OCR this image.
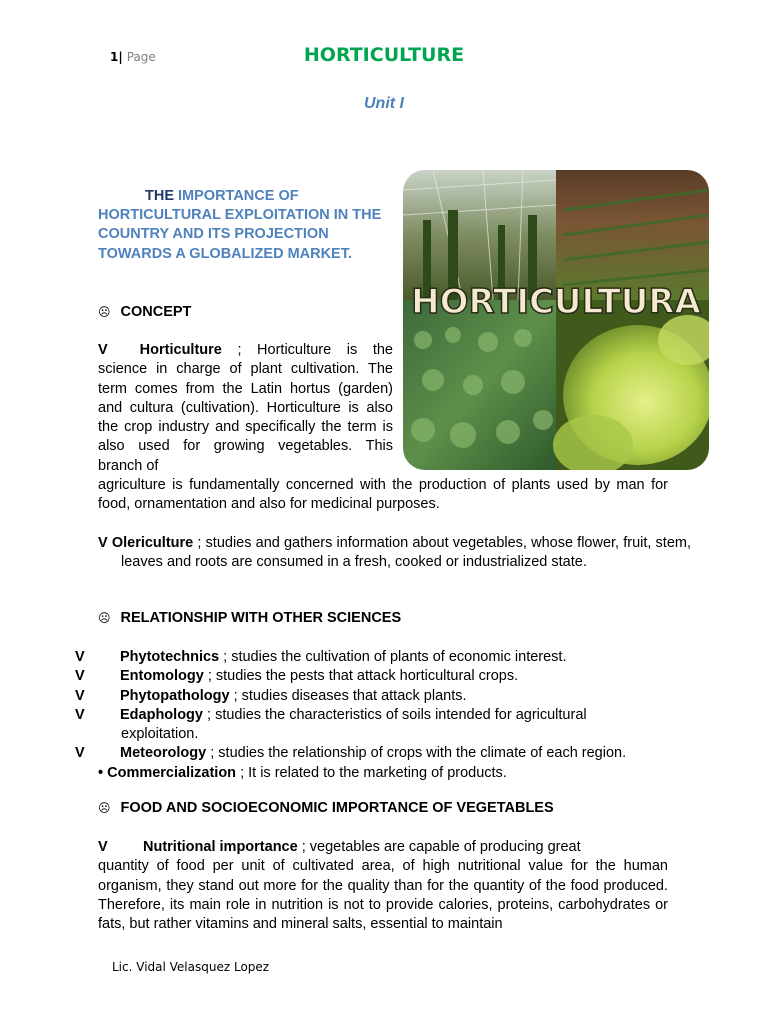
1| Page	HORTICULTURE
Unit I
THE IMPORTANCE OF HORTICULTURAL EXPLOITATION IN THE COUNTRY AND ITS PROJECTION TOWARDS A GLOBALIZED MARKET.
HORTICULTURA
☹ CONCEPT
V Horticulture ; Horticulture is the science in charge of plant cultivation. The term comes from the Latin hortus (garden) and cultura (cultivation). Horticulture is also the crop industry and specifically the term is also used for growing vegetables. This branch of
agriculture is fundamentally concerned with the production of plants used by man for food, ornamentation and also for medicinal purposes.
V Olericulture ; studies and gathers information about vegetables, whose flower, fruit, stem, leaves and roots are consumed in a fresh, cooked or industrialized state.
☹ RELATIONSHIP WITH OTHER SCIENCES
V Phytotechnics ; studies the cultivation of plants of economic interest.
V Entomology ; studies the pests that attack horticultural crops.
V Phytopathology ; studies diseases that attack plants.
V Edaphology ; studies the characteristics of soils intended for agricultural exploitation.
V Meteorology ; studies the relationship of crops with the climate of each region.
• Commercialization ; It is related to the marketing of products.
☹ FOOD AND SOCIOECONOMIC IMPORTANCE OF VEGETABLES
V Nutritional importance ; vegetables are capable of producing great
quantity of food per unit of cultivated area, of high nutritional value for the human organism, they stand out more for the quality than for the quantity of the food produced. Therefore, its main role in nutrition is not to provide calories, proteins, carbohydrates or fats, but rather vitamins and mineral salts, essential to maintain
Lic. Vidal Velasquez Lopez
